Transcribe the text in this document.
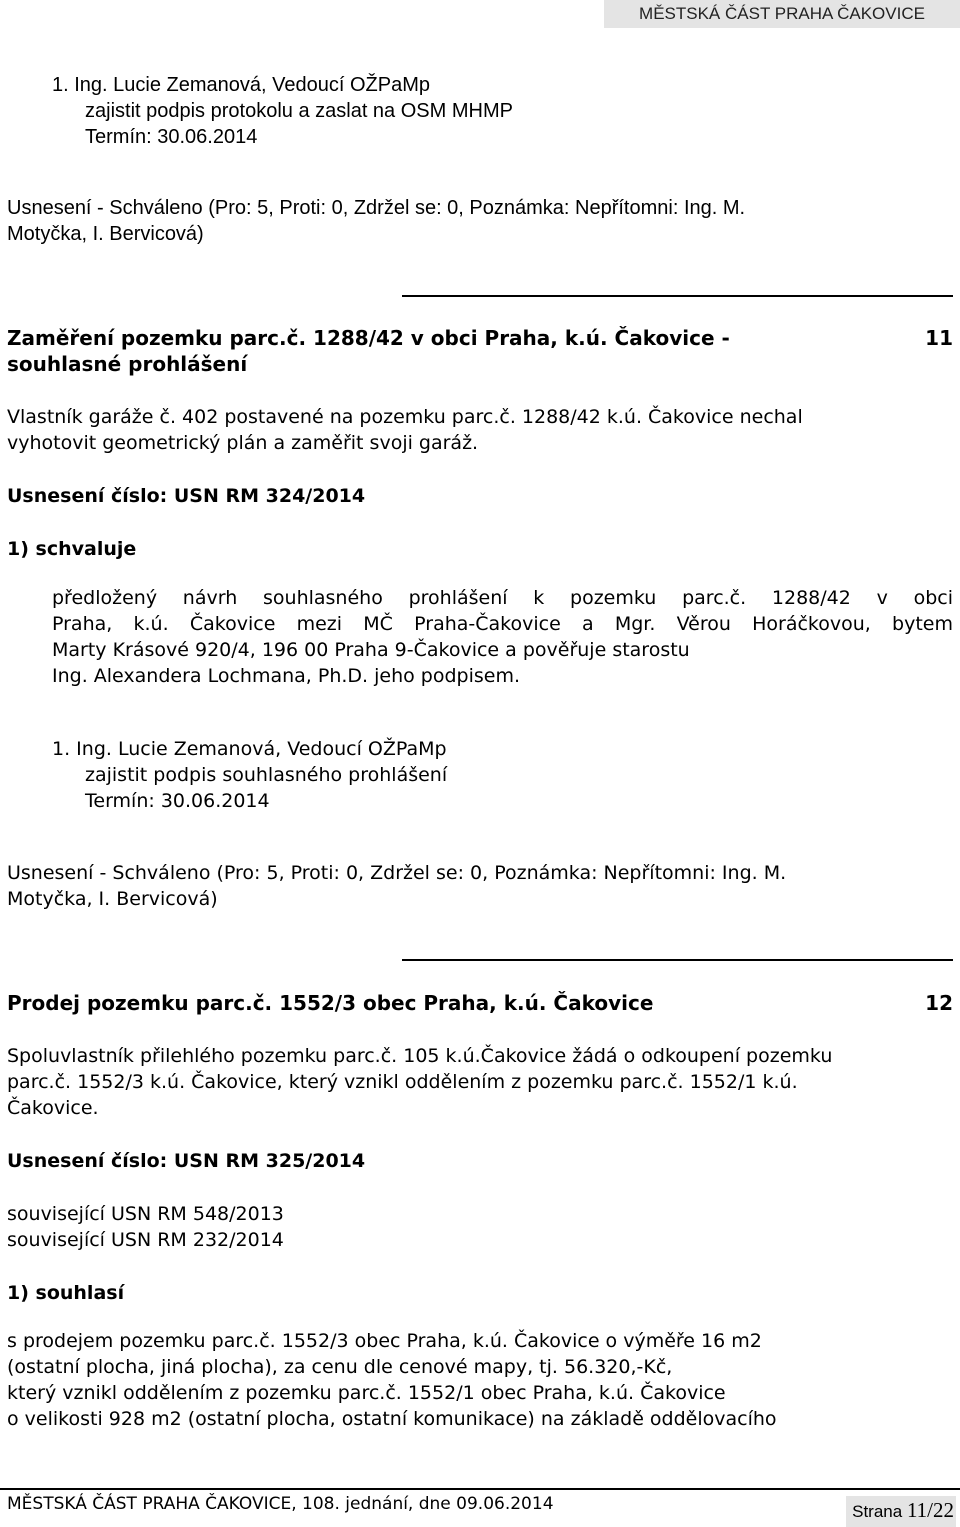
MĚSTSKÁ ČÁST PRAHA ČAKOVICE
1. Ing. Lucie Zemanová, Vedoucí OŽPaMp
zajistit podpis protokolu a zaslat na OSM MHMP
Termín: 30.06.2014
Usnesení - Schváleno (Pro: 5, Proti: 0, Zdržel se: 0, Poznámka: Nepřítomni: Ing. M.
Motyčka, I. Bervicová)
Zaměření pozemku parc.č. 1288/42 v obci Praha, k.ú. Čakovice -	11
souhlasné prohlášení
Vlastník garáže č. 402 postavené na pozemku parc.č. 1288/42 k.ú. Čakovice nechal
vyhotovit geometrický plán a zaměřit svoji garáž.
Usnesení číslo: USN RM 324/2014
1) schvaluje
předložený návrh souhlasného prohlášení k pozemku parc.č. 1288/42 v obci
Praha, k.ú. Čakovice mezi MČ Praha-Čakovice a Mgr. Věrou Horáčkovou, bytem
Marty Krásové 920/4, 196 00 Praha 9-Čakovice a pověřuje starostu
Ing. Alexandera Lochmana, Ph.D. jeho podpisem.
1. Ing. Lucie Zemanová, Vedoucí OŽPaMp
zajistit podpis souhlasného prohlášení
Termín: 30.06.2014
Usnesení - Schváleno (Pro: 5, Proti: 0, Zdržel se: 0, Poznámka: Nepřítomni: Ing. M.
Motyčka, I. Bervicová)
Prodej pozemku parc.č. 1552/3 obec Praha, k.ú. Čakovice	12
Spoluvlastník přilehlého pozemku parc.č. 105 k.ú.Čakovice žádá o odkoupení pozemku
parc.č. 1552/3 k.ú. Čakovice, který vznikl oddělením z pozemku parc.č. 1552/1 k.ú.
Čakovice.
Usnesení číslo: USN RM 325/2014
související USN RM 548/2013
související USN RM 232/2014
1) souhlasí
s prodejem pozemku parc.č. 1552/3 obec Praha, k.ú. Čakovice o výměře 16 m2
(ostatní plocha, jiná plocha), za cenu dle cenové mapy, tj. 56.320,-Kč,
který vznikl oddělením z pozemku parc.č. 1552/1 obec Praha, k.ú. Čakovice
o velikosti 928 m2 (ostatní plocha, ostatní komunikace) na základě oddělovacího
MĚSTSKÁ ČÁST PRAHA ČAKOVICE, 108. jednání, dne 09.06.2014	Strana 11/22
